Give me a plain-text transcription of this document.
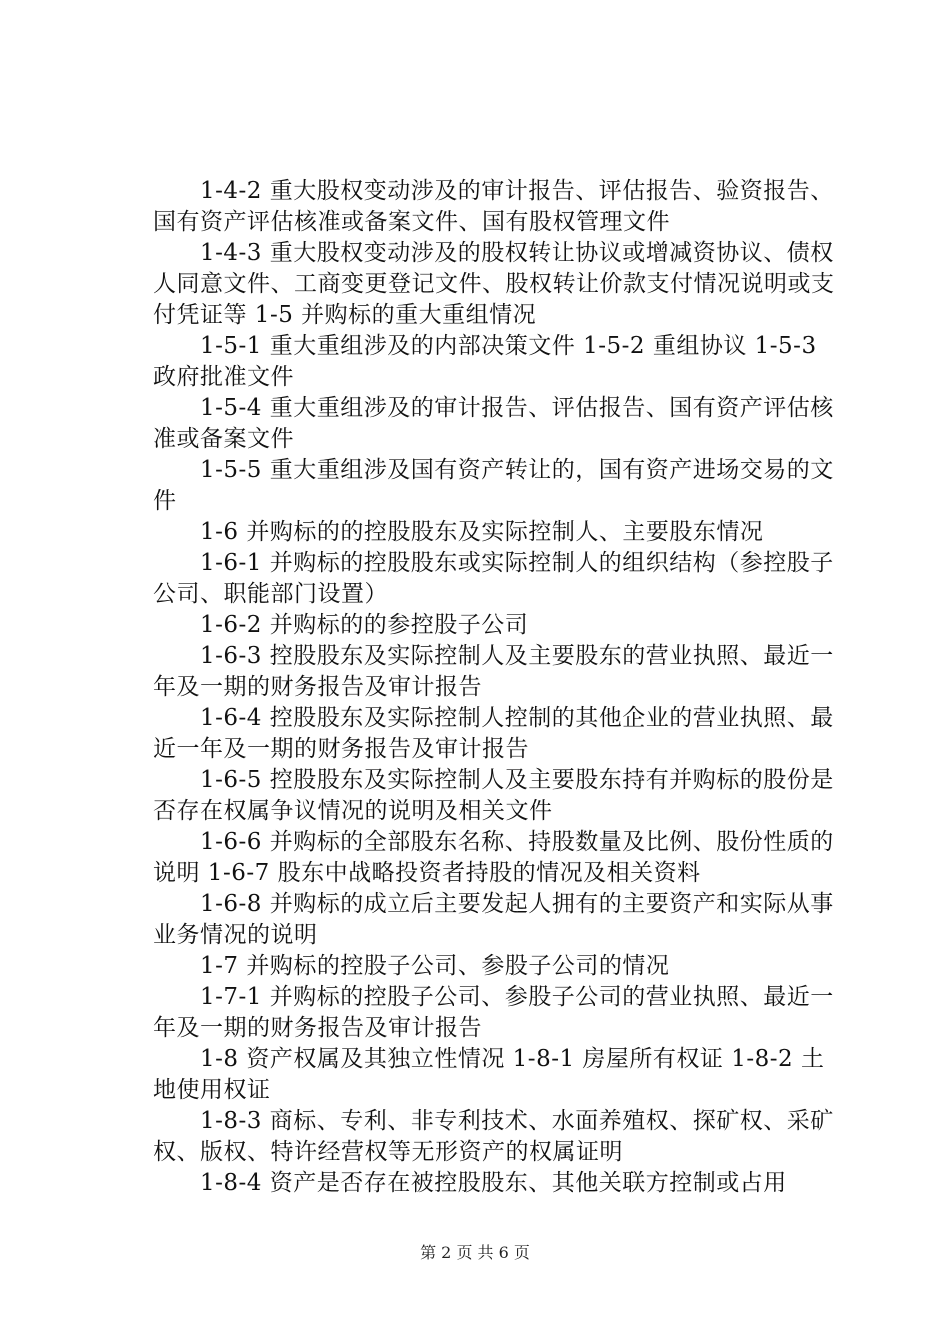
　　1-4-2 重大股权变动涉及的审计报告、评估报告、验资报告、国有资产评估核准或备案文件、国有股权管理文件

　　1-4-3 重大股权变动涉及的股权转让协议或增减资协议、债权人同意文件、工商变更登记文件、股权转让价款支付情况说明或支付凭证等 1-5 并购标的重大重组情况

　　1-5-1 重大重组涉及的内部决策文件 1-5-2 重组协议 1-5-3 政府批准文件

　　1-5-4 重大重组涉及的审计报告、评估报告、国有资产评估核准或备案文件

　　1-5-5 重大重组涉及国有资产转让的，国有资产进场交易的文件

　　1-6 并购标的的控股股东及实际控制人、主要股东情况

　　1-6-1 并购标的控股股东或实际控制人的组织结构（参控股子公司、职能部门设置）

　　1-6-2 并购标的的参控股子公司

　　1-6-3 控股股东及实际控制人及主要股东的营业执照、最近一年及一期的财务报告及审计报告

　　1-6-4 控股股东及实际控制人控制的其他企业的营业执照、最近一年及一期的财务报告及审计报告

　　1-6-5 控股股东及实际控制人及主要股东持有并购标的股份是否存在权属争议情况的说明及相关文件

　　1-6-6 并购标的全部股东名称、持股数量及比例、股份性质的说明 1-6-7 股东中战略投资者持股的情况及相关资料

　　1-6-8 并购标的成立后主要发起人拥有的主要资产和实际从事业务情况的说明

　　1-7 并购标的控股子公司、参股子公司的情况

　　1-7-1 并购标的控股子公司、参股子公司的营业执照、最近一年及一期的财务报告及审计报告

　　1-8 资产权属及其独立性情况 1-8-1 房屋所有权证 1-8-2 土地使用权证

　　1-8-3 商标、专利、非专利技术、水面养殖权、探矿权、采矿权、版权、特许经营权等无形资产的权属证明

　　1-8-4 资产是否存在被控股股东、其他关联方控制或占用

第 2 页 共 6 页
